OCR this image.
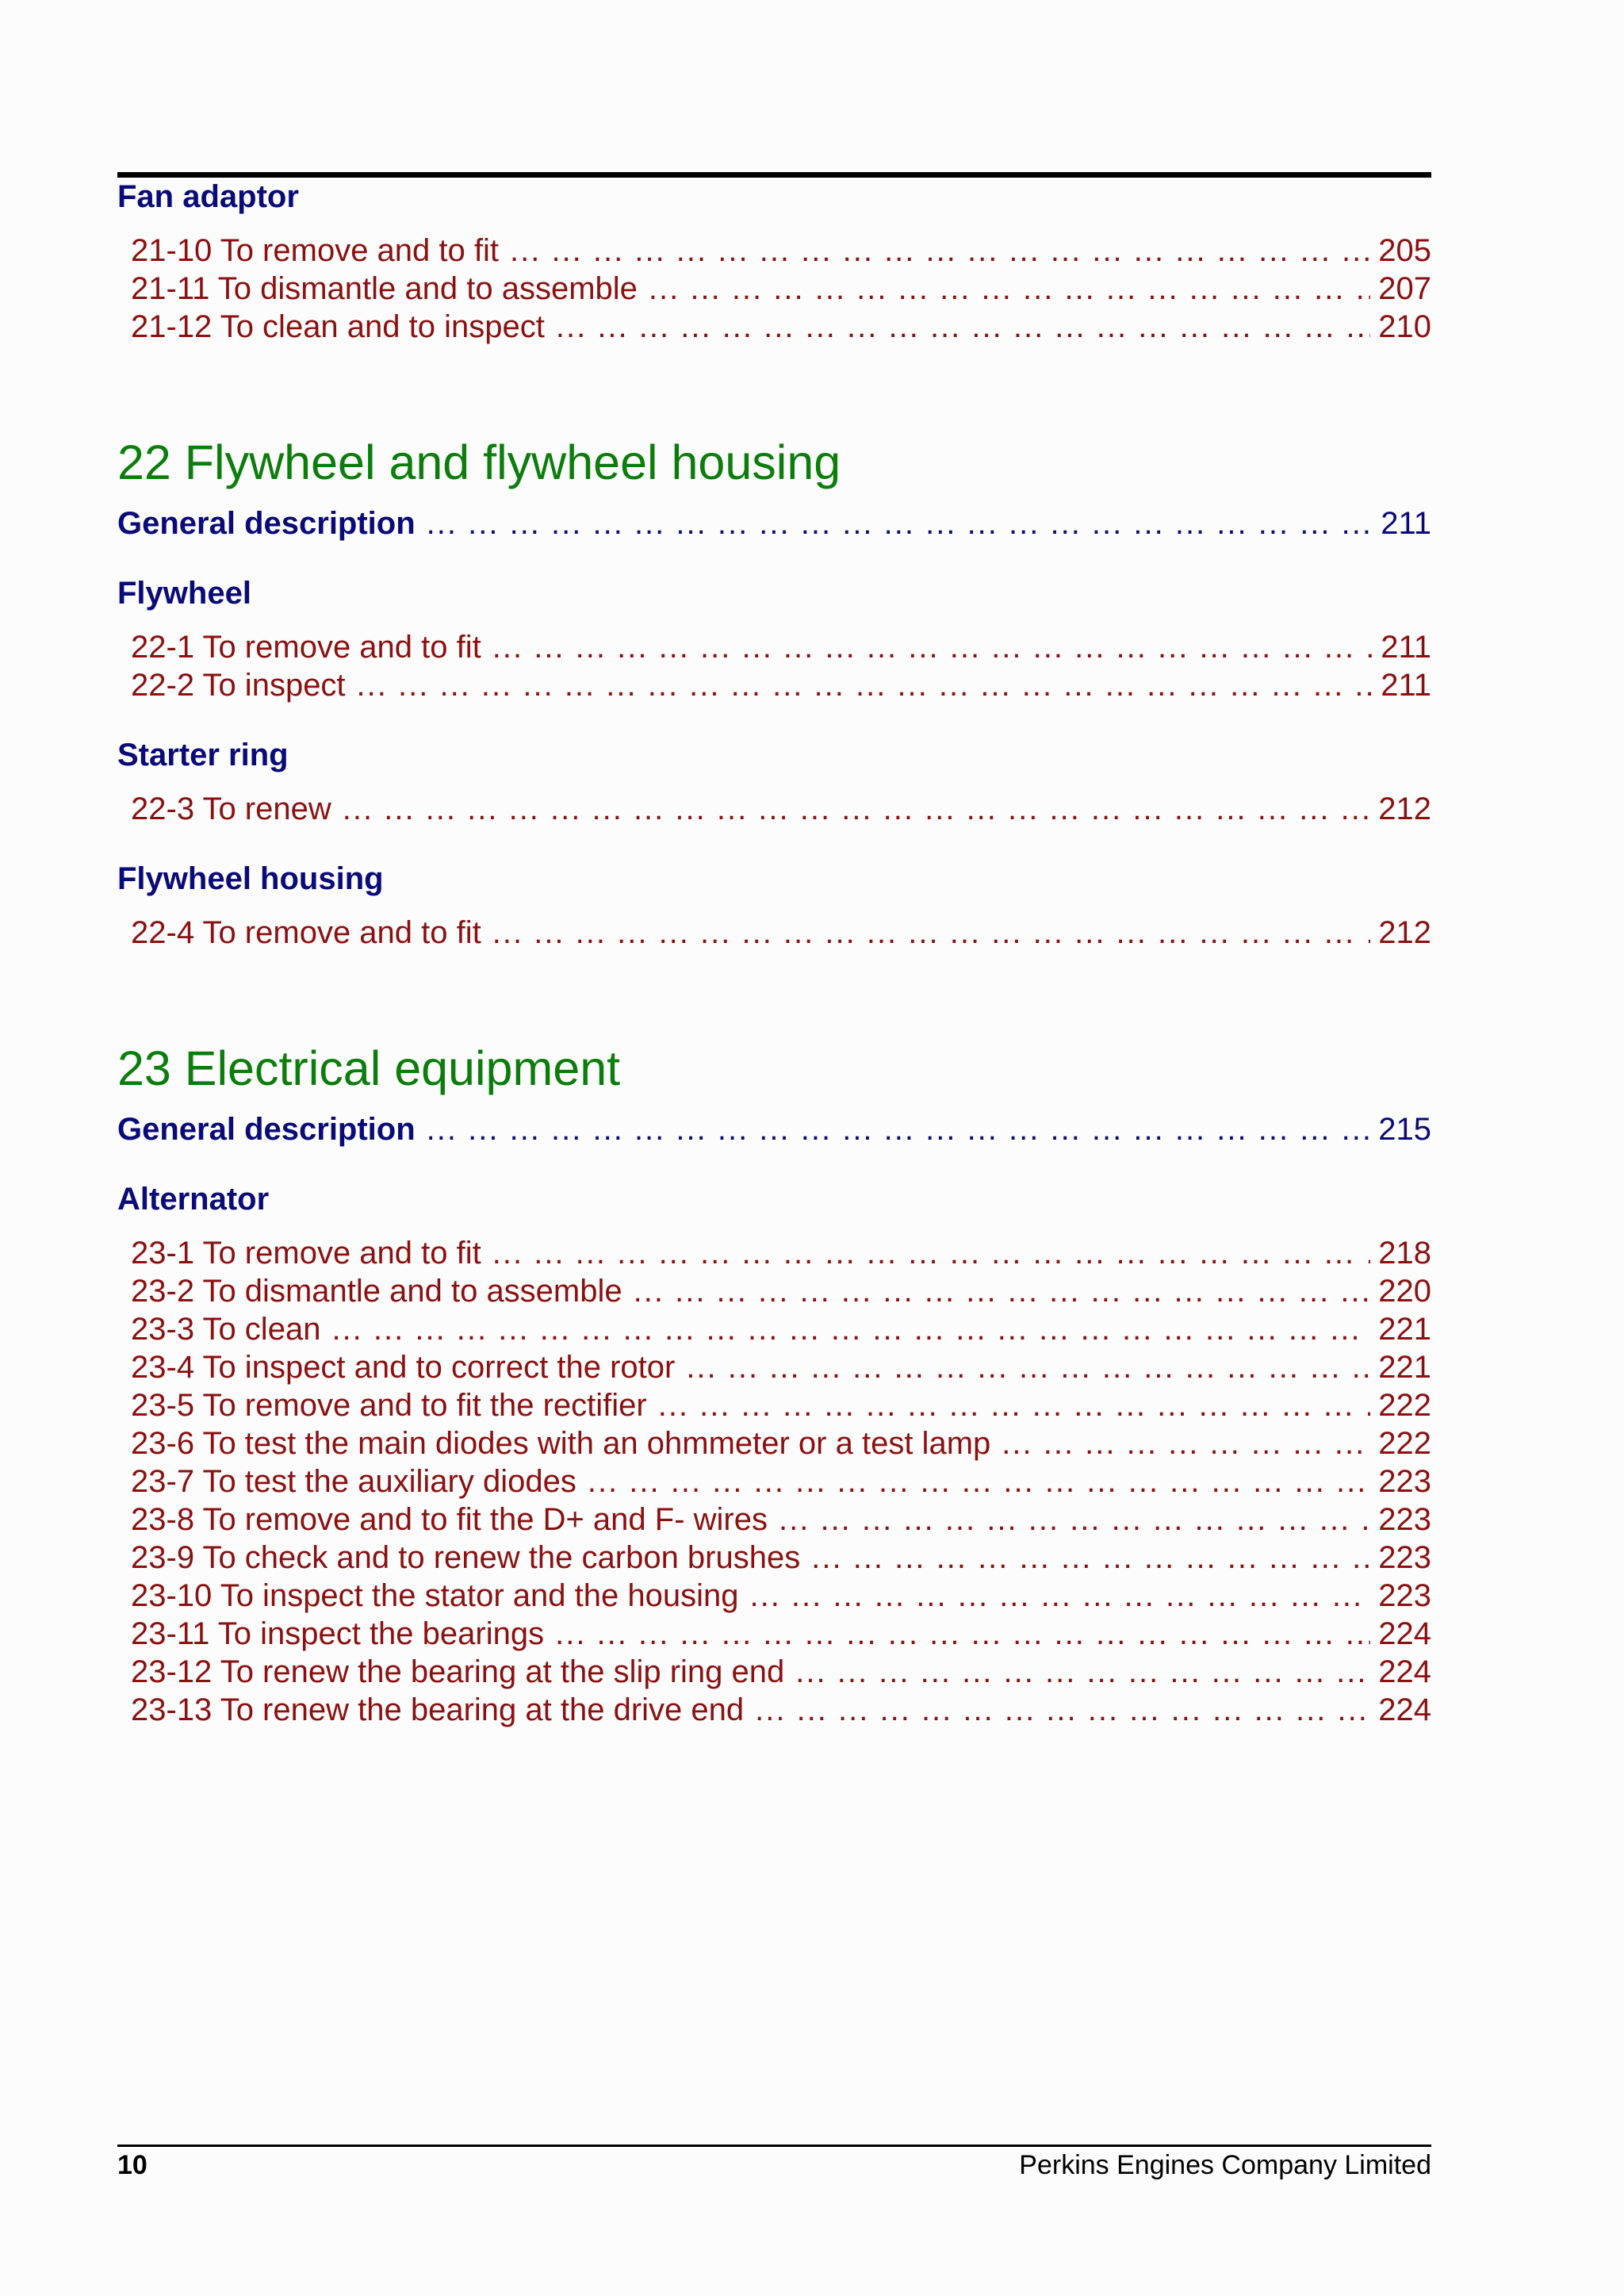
Fan adaptor
21-10 To remove and to fit ... .	205
21-11 To dismantle and to assemble ... .	207
21-12 To clean and to inspect ... .	210
22 Flywheel and flywheel housing
General description ... .	211
Flywheel
22-1 To remove and to fit ... .	211
22-2 To inspect ... .	211
Starter ring
22-3 To renew ... .	212
Flywheel housing
22-4 To remove and to fit ... .	212
23 Electrical equipment
General description ... .	215
Alternator
23-1 To remove and to fit ... .	218
23-2 To dismantle and to assemble ... .	220
23-3 To clean ... .	221
23-4 To inspect and to correct the rotor ... .	221
23-5 To remove and to fit the rectifier ... .	222
23-6 To test the main diodes with an ohmmeter or a test lamp ... .	222
23-7 To test the auxiliary diodes ... .	223
23-8 To remove and to fit the D+ and F- wires ... .	223
23-9 To check and to renew the carbon brushes ... .	223
23-10 To inspect the stator and the housing ... .	223
23-11 To inspect the bearings ... .	224
23-12 To renew the bearing at the slip ring end ... .	224
23-13 To renew the bearing at the drive end ... .	224
10	Perkins Engines Company Limited
